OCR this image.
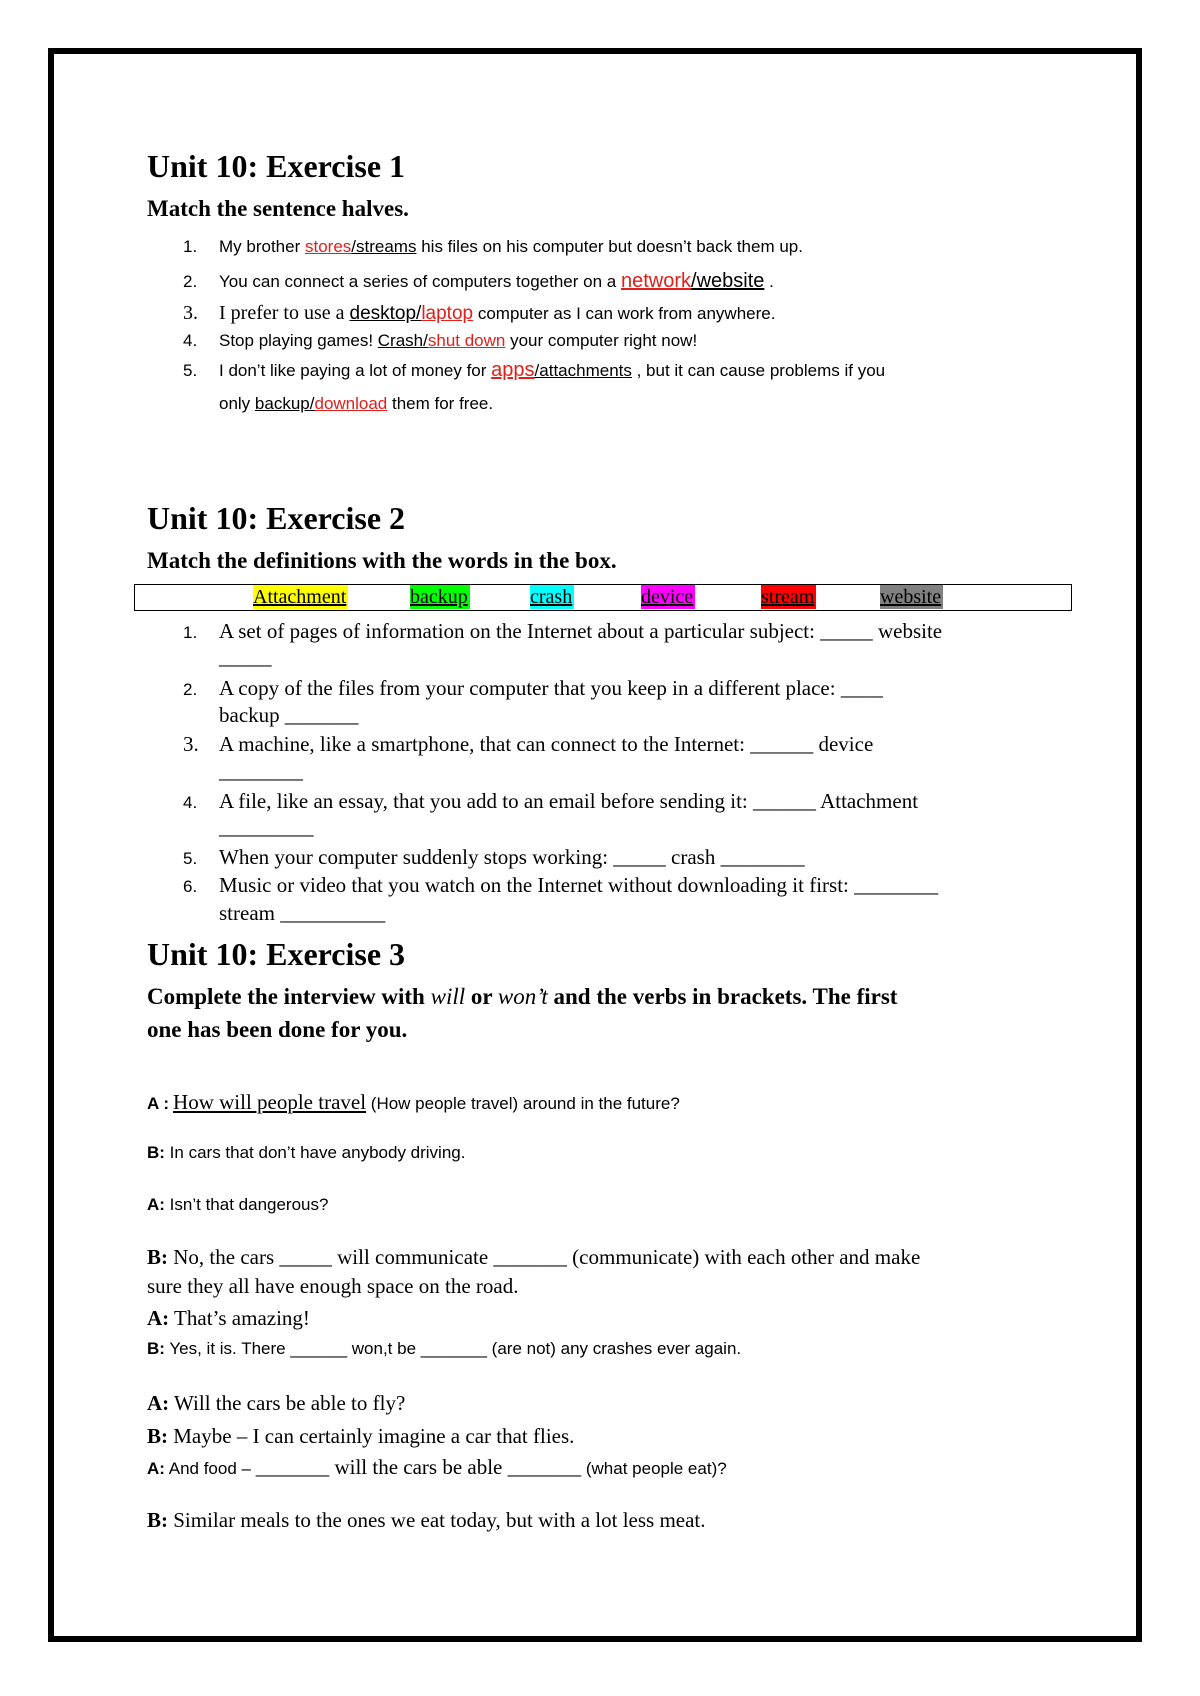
Unit 10: Exercise 1
Match the sentence halves.
1. My brother stores/streams his files on his computer but doesn’t back them up.
2. You can connect a series of computers together on a network/website .
3. I prefer to use a desktop/laptop computer as I can work from anywhere.
4. Stop playing games! Crash/shut down your computer right now!
5. I don’t like paying a lot of money for apps/attachments , but it can cause problems if you
only backup/download them for free.
Unit 10: Exercise 2
Match the definitions with the words in the box.
Attachment	backup	crash	device	stream	website
1. A set of pages of information on the Internet about a particular subject: _____ website
_____
2. A copy of the files from your computer that you keep in a different place: ____
backup _______
3. A machine, like a smartphone, that can connect to the Internet: ______ device
________
4. A file, like an essay, that you add to an email before sending it: ______ Attachment
_________
5. When your computer suddenly stops working: _____ crash ________
6. Music or video that you watch on the Internet without downloading it first: ________
stream __________
Unit 10: Exercise 3
Complete the interview with will or won’t and the verbs in brackets. The first
one has been done for you.
A : How will people travel (How people travel) around in the future?
B: In cars that don’t have anybody driving.
A: Isn’t that dangerous?
B: No, the cars _____ will communicate _______ (communicate) with each other and make
sure they all have enough space on the road.
A: That’s amazing!
B: Yes, it is. There ______ won,t be _______ (are not) any crashes ever again.
A: Will the cars be able to fly?
B: Maybe – I can certainly imagine a car that flies.
A: And food – _______ will the cars be able _______ (what people eat)?
B: Similar meals to the ones we eat today, but with a lot less meat.
